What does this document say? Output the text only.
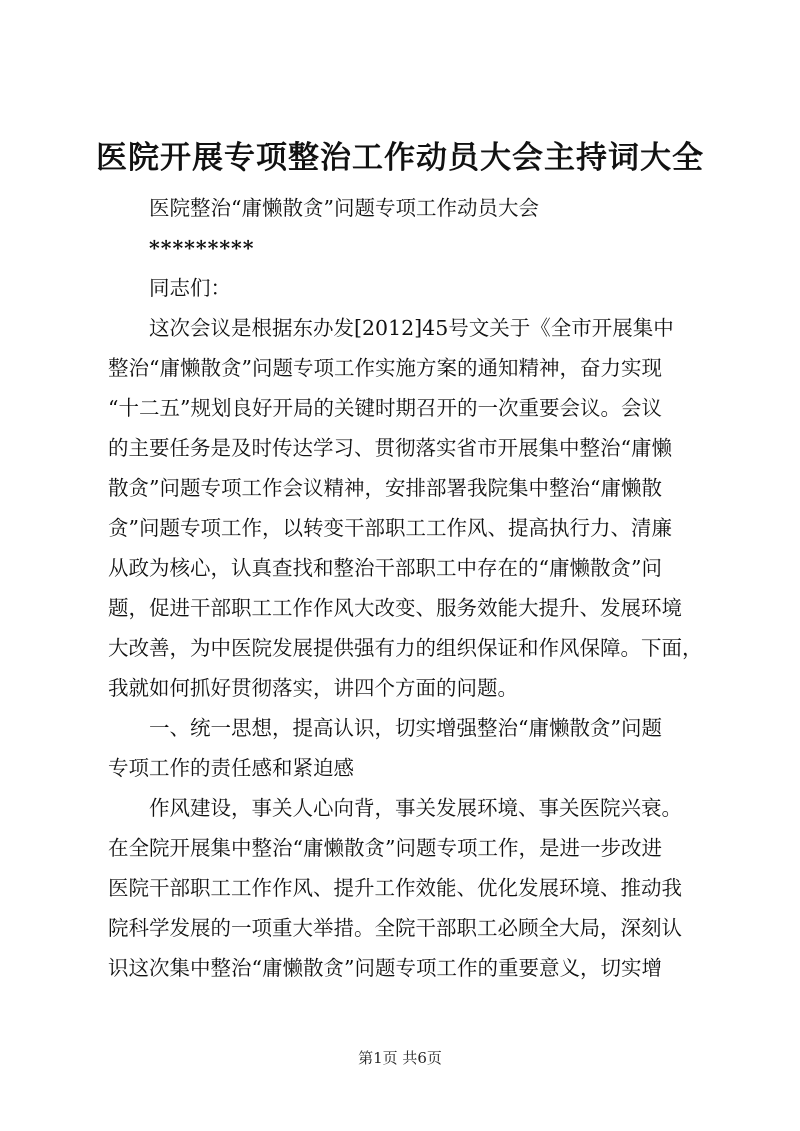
医院开展专项整治工作动员大会主持词大全
医院整治“庸懒散贪”问题专项工作动员大会
*********
同志们：
这次会议是根据东办发[2012]45号文关于《全市开展集中
整治“庸懒散贪”问题专项工作实施方案的通知精神，奋力实现
“十二五”规划良好开局的关键时期召开的一次重要会议。会议
的主要任务是及时传达学习、贯彻落实省市开展集中整治“庸懒
散贪”问题专项工作会议精神，安排部署我院集中整治“庸懒散
贪”问题专项工作，以转变干部职工工作风、提高执行力、清廉
从政为核心，认真查找和整治干部职工中存在的“庸懒散贪”问
题，促进干部职工工作作风大改变、服务效能大提升、发展环境
大改善，为中医院发展提供强有力的组织保证和作风保障。下面，
我就如何抓好贯彻落实，讲四个方面的问题。
一、统一思想，提高认识，切实增强整治“庸懒散贪”问题
专项工作的责任感和紧迫感
作风建设，事关人心向背，事关发展环境、事关医院兴衰。
在全院开展集中整治“庸懒散贪”问题专项工作，是进一步改进
医院干部职工工作作风、提升工作效能、优化发展环境、推动我
院科学发展的一项重大举措。全院干部职工必顾全大局，深刻认
识这次集中整治“庸懒散贪”问题专项工作的重要意义，切实增
第1页 共6页
